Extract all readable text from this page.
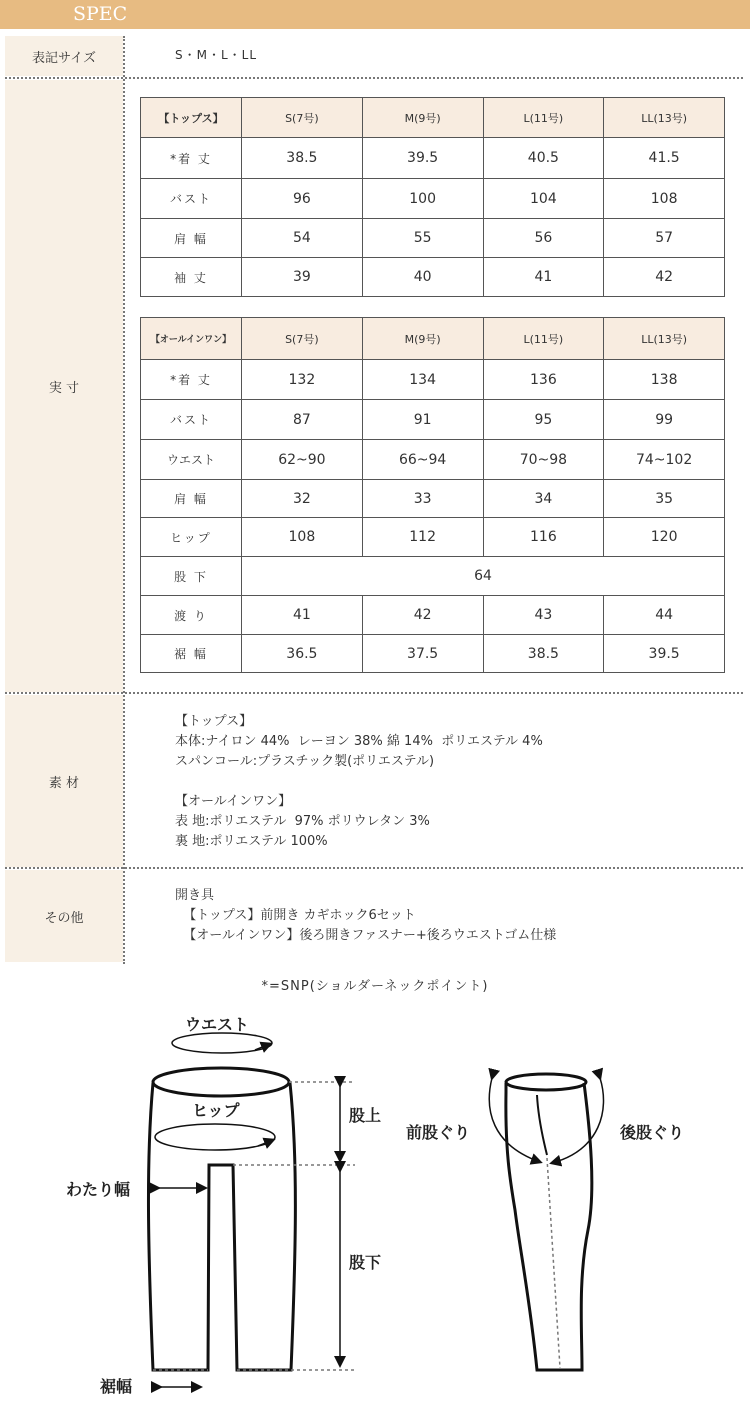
SPEC
表記サイズ	S・M・L・LL
実 寸
【トップス】	S(7号)	M(9号)	L(11号)	LL(13号)
*着 丈	38.5	39.5	40.5	41.5
バスト	96	100	104	108
肩 幅	54	55	56	57
袖 丈	39	40	41	42
【オールインワン】	S(7号)	M(9号)	L(11号)	LL(13号)
*着 丈	132	134	136	138
バスト	87	91	95	99
ウエスト	62~90	66~94	70~98	74~102
肩 幅	32	33	34	35
ヒップ	108	112	116	120
股 下	64			
渡 り	41	42	43	44
裾 幅	36.5	37.5	38.5	39.5
素 材
【トップス】
本体:ナイロン 44%  レーヨン 38% 綿 14%  ポリエステル 4%
スパンコール:プラスチック製(ポリエステル)
【オールインワン】
表 地:ポリエステル  97% ポリウレタン 3%
裏 地:ポリエステル 100%
その他
開き具
【トップス】前開き カギホック6セット
【オールインワン】後ろ開きファスナー+後ろウエストゴム仕様
*=SNP(ショルダーネックポイント)
ウエスト
ヒップ	股上
わたり幅
股下
裾幅
前股ぐり	後股ぐり
